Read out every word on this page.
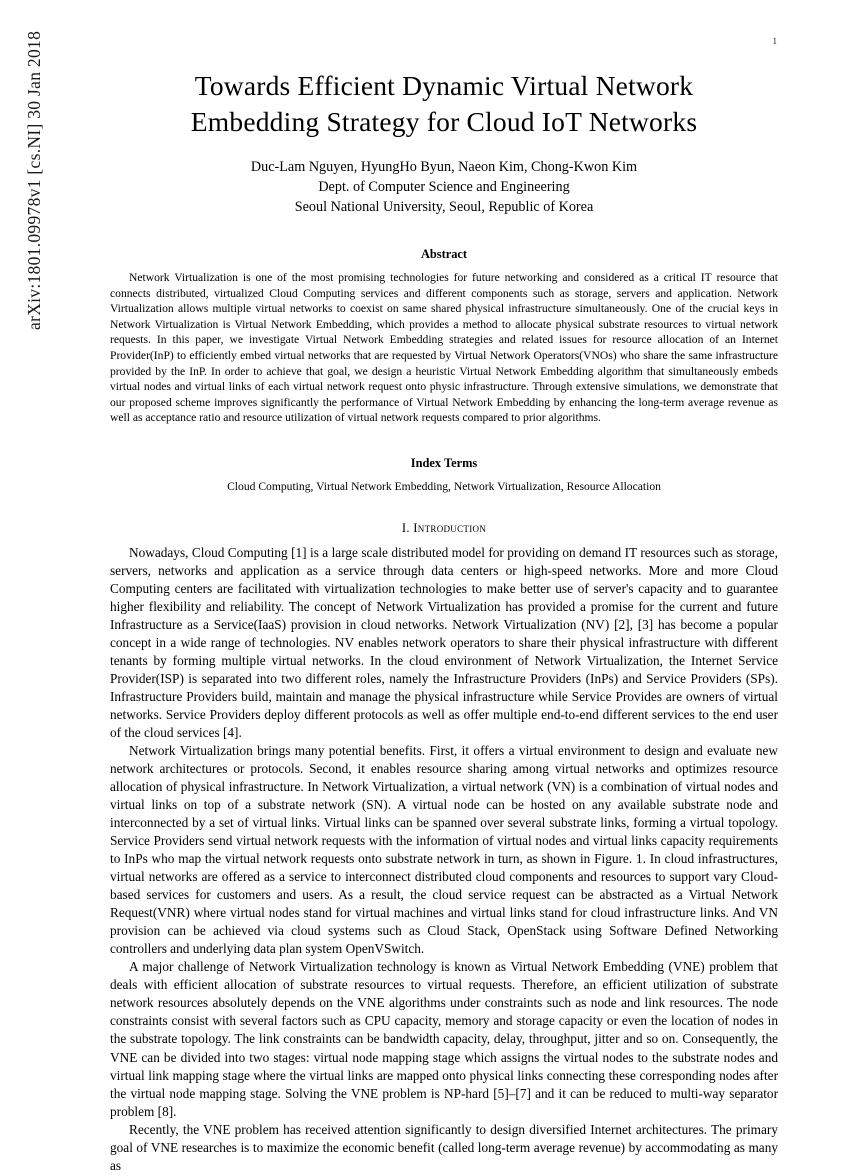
arXiv:1801.09978v1 [cs.NI] 30 Jan 2018	1
Towards Efficient Dynamic Virtual Network
Embedding Strategy for Cloud IoT Networks
Duc-Lam Nguyen, HyungHo Byun, Naeon Kim, Chong-Kwon Kim
Dept. of Computer Science and Engineering
Seoul National University, Seoul, Republic of Korea
Abstract
Network Virtualization is one of the most promising technologies for future networking and considered as a critical IT resource that connects distributed, virtualized Cloud Computing services and different components such as storage, servers and application. Network Virtualization allows multiple virtual networks to coexist on same shared physical infrastructure simultaneously. One of the crucial keys in Network Virtualization is Virtual Network Embedding, which provides a method to allocate physical substrate resources to virtual network requests. In this paper, we investigate Virtual Network Embedding strategies and related issues for resource allocation of an Internet Provider(InP) to efficiently embed virtual networks that are requested by Virtual Network Operators(VNOs) who share the same infrastructure provided by the InP. In order to achieve that goal, we design a heuristic Virtual Network Embedding algorithm that simultaneously embeds virtual nodes and virtual links of each virtual network request onto physic infrastructure. Through extensive simulations, we demonstrate that our proposed scheme improves significantly the performance of Virtual Network Embedding by enhancing the long-term average revenue as well as acceptance ratio and resource utilization of virtual network requests compared to prior algorithms.
Index Terms
Cloud Computing, Virtual Network Embedding, Network Virtualization, Resource Allocation
I. Introduction

Nowadays, Cloud Computing [1] is a large scale distributed model for providing on demand IT resources such as storage, servers, networks and application as a service through data centers or high-speed networks. More and more Cloud Computing centers are facilitated with virtualization technologies to make better use of server's capacity and to guarantee higher flexibility and reliability. The concept of Network Virtualization has provided a promise for the current and future Infrastructure as a Service(IaaS) provision in cloud networks. Network Virtualization (NV) [2], [3] has become a popular concept in a wide range of technologies. NV enables network operators to share their physical infrastructure with different tenants by forming multiple virtual networks. In the cloud environment of Network Virtualization, the Internet Service Provider(ISP) is separated into two different roles, namely the Infrastructure Providers (InPs) and Service Providers (SPs). Infrastructure Providers build, maintain and manage the physical infrastructure while Service Provides are owners of virtual networks. Service Providers deploy different protocols as well as offer multiple end-to-end different services to the end user of the cloud services [4].

Network Virtualization brings many potential benefits. First, it offers a virtual environment to design and evaluate new network architectures or protocols. Second, it enables resource sharing among virtual networks and optimizes resource allocation of physical infrastructure. In Network Virtualization, a virtual network (VN) is a combination of virtual nodes and virtual links on top of a substrate network (SN). A virtual node can be hosted on any available substrate node and interconnected by a set of virtual links. Virtual links can be spanned over several substrate links, forming a virtual topology. Service Providers send virtual network requests with the information of virtual nodes and virtual links capacity requirements to InPs who map the virtual network requests onto substrate network in turn, as shown in Figure. 1. In cloud infrastructures, virtual networks are offered as a service to interconnect distributed cloud components and resources to support vary Cloud-based services for customers and users. As a result, the cloud service request can be abstracted as a Virtual Network Request(VNR) where virtual nodes stand for virtual machines and virtual links stand for cloud infrastructure links. And VN provision can be achieved via cloud systems such as Cloud Stack, OpenStack using Software Defined Networking controllers and underlying data plan system OpenVSwitch.

A major challenge of Network Virtualization technology is known as Virtual Network Embedding (VNE) problem that deals with efficient allocation of substrate resources to virtual requests. Therefore, an efficient utilization of substrate network resources absolutely depends on the VNE algorithms under constraints such as node and link resources. The node constraints consist with several factors such as CPU capacity, memory and storage capacity or even the location of nodes in the substrate topology. The link constraints can be bandwidth capacity, delay, throughput, jitter and so on. Consequently, the VNE can be divided into two stages: virtual node mapping stage which assigns the virtual nodes to the substrate nodes and virtual link mapping stage where the virtual links are mapped onto physical links connecting these corresponding nodes after the virtual node mapping stage. Solving the VNE problem is NP-hard [5]–[7] and it can be reduced to multi-way separator problem [8].

Recently, the VNE problem has received attention significantly to design diversified Internet architectures. The primary goal of VNE researches is to maximize the economic benefit (called long-term average revenue) by accommodating as many as
